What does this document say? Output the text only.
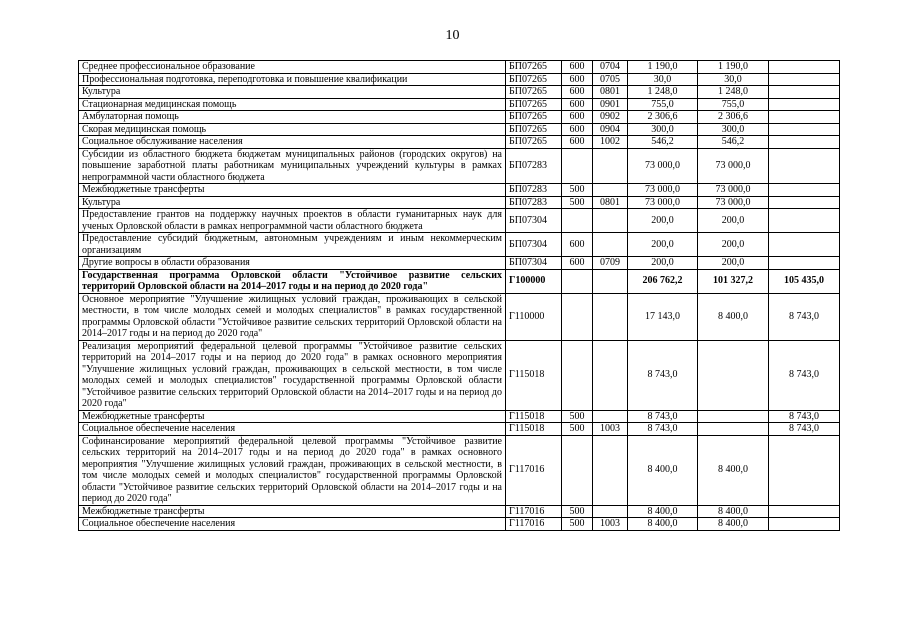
10
Среднее профессиональное образование	БП07265	600	0704	1 190,0	1 190,0	
Профессиональная подготовка, переподготовка и повышение квалификации	БП07265	600	0705	30,0	30,0	
Культура	БП07265	600	0801	1 248,0	1 248,0	
Стационарная медицинская помощь	БП07265	600	0901	755,0	755,0	
Амбулаторная помощь	БП07265	600	0902	2 306,6	2 306,6	
Скорая медицинская помощь	БП07265	600	0904	300,0	300,0	
Социальное обслуживание населения	БП07265	600	1002	546,2	546,2	
Субсидии из областного бюджета бюджетам муниципальных районов (городских округов) на повышение заработной платы работникам муниципальных учреждений культуры в рамках непрограммной части областного бюджета	БП07283			73 000,0	73 000,0	
Межбюджетные трансферты	БП07283	500		73 000,0	73 000,0	
Культура	БП07283	500	0801	73 000,0	73 000,0	
Предоставление грантов на поддержку научных проектов в области гуманитарных наук для ученых Орловской области в рамках непрограммной части областного бюджета	БП07304			200,0	200,0	
Предоставление субсидий бюджетным, автономным учреждениям и иным некоммерческим организациям	БП07304	600		200,0	200,0	
Другие вопросы в области образования	БП07304	600	0709	200,0	200,0	
Государственная программа Орловской области "Устойчивое развитие сельских территорий Орловской области на 2014–2017 годы и на период до 2020 года"	Г100000			206 762,2	101 327,2	105 435,0
Основное мероприятие "Улучшение жилищных условий граждан, проживающих в сельской местности, в том числе молодых семей и молодых специалистов" в рамках государственной программы Орловской области "Устойчивое развитие сельских территорий Орловской области на 2014–2017 годы и на период до 2020 года"	Г110000			17 143,0	8 400,0	8 743,0
Реализация мероприятий федеральной целевой программы "Устойчивое развитие сельских территорий на 2014–2017 годы и на период до 2020 года" в рамках основного мероприятия "Улучшение жилищных условий граждан, проживающих в сельской местности, в том числе молодых семей и молодых специалистов" государственной программы Орловской области "Устойчивое развитие сельских территорий Орловской области на 2014–2017 годы и на период до 2020 года"	Г115018			8 743,0		8 743,0
Межбюджетные трансферты	Г115018	500		8 743,0		8 743,0
Социальное обеспечение населения	Г115018	500	1003	8 743,0		8 743,0
Софинансирование мероприятий федеральной целевой программы "Устойчивое развитие сельских территорий на 2014–2017 годы и на период до 2020 года" в рамках основного мероприятия "Улучшение жилищных условий граждан, проживающих в сельской местности, в том числе молодых семей и молодых специалистов" государственной программы Орловской области "Устойчивое развитие сельских территорий Орловской области на 2014–2017 годы и на период до 2020 года"	Г117016			8 400,0	8 400,0	
Межбюджетные трансферты	Г117016	500		8 400,0	8 400,0	
Социальное обеспечение населения	Г117016	500	1003	8 400,0	8 400,0	
